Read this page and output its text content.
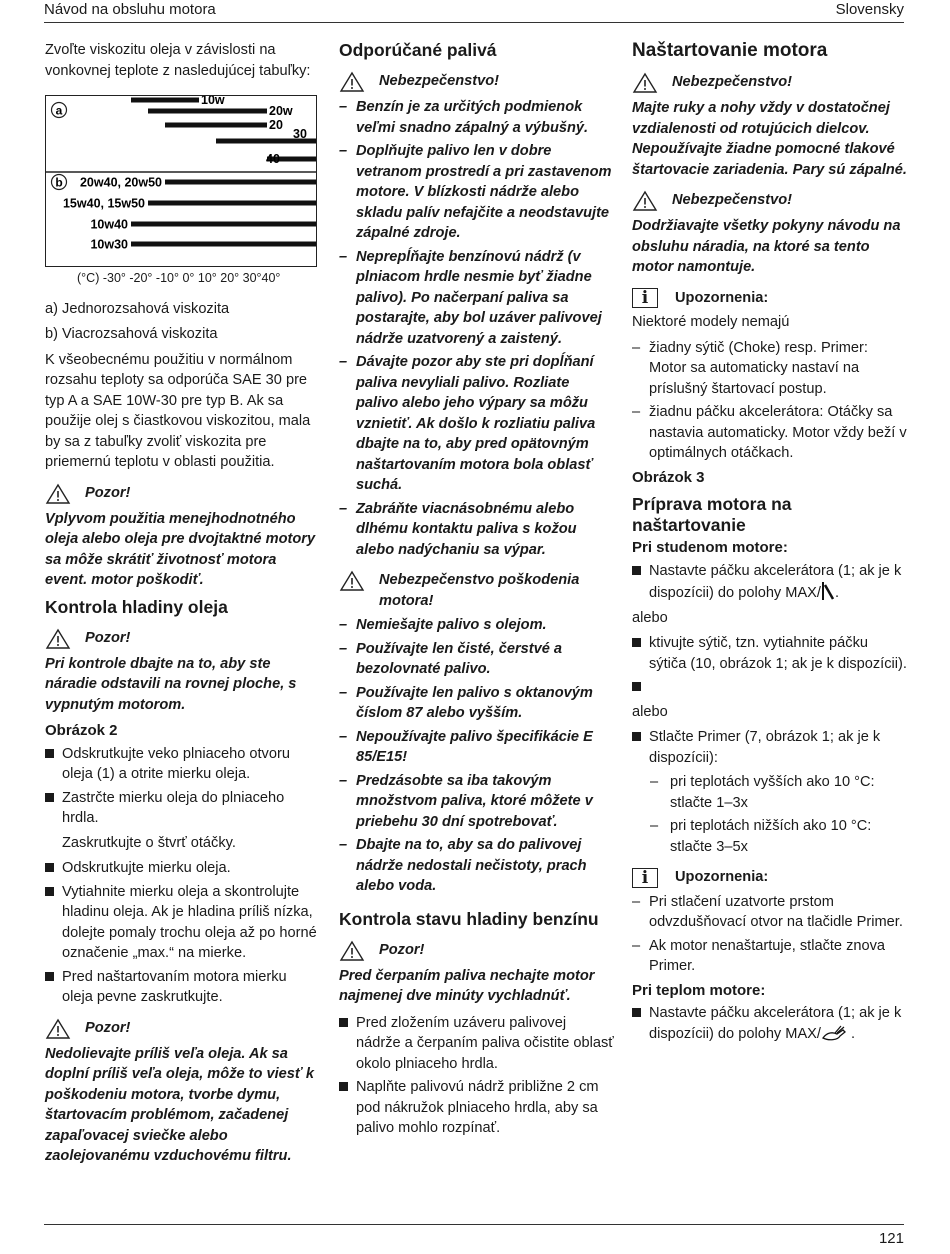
Návod na obsluhu motora	Slovensky

Zvoľte viskozitu oleja v závislosti na vonkovnej teplote z nasledujúcej tabuľky:

a
10w
20w
20
30
40
b 20w40, 20w50
15w40, 15w50
10w40
10w30
(°C) -30° -20° -10° 0° 10° 20° 30°40°

a) Jednorozsahová viskozita

b) Viacrozsahová viskozita

K všeobecnému použitiu v normálnom rozsahu teploty sa odporúča SAE 30 pre typ A a SAE 10W-30 pre typ B. Ak sa použije olej s čiastkovou viskozitou, mala by sa z tabuľky zvoliť viskozita pre priemernú teplotu v oblasti použitia.

Pozor!

Vplyvom použitia menejhodnotného oleja alebo oleja pre dvojtaktné motory sa môže skrátiť životnosť motora event. motor poškodiť.

Kontrola hladiny oleja
Pozor!

Pri kontrole dbajte na to, aby ste náradie odstavili na rovnej ploche, s vypnutým motorom.

Obrázok 2
Odskrutkujte veko plniaceho otvoru oleja (1) a otrite mierku oleja.
Zastrčte mierku oleja do plniaceho hrdla.

Zaskrutkujte o štvrť otáčky.

Odskrutkujte mierku oleja.
Vytiahnite mierku oleja a skontrolujte hladinu oleja. Ak je hladina príliš nízka, dolejte pomaly trochu oleja až po horné označenie „max.“ na mierke.
Pred naštartovaním motora mierku oleja pevne zaskrutkujte.
Pozor!

Nedolievajte príliš veľa oleja. Ak sa doplní príliš veľa oleja, môže to viesť k poškodeniu motora, tvorbe dymu, štartovacím problémom, začadenej zapaľovacej sviečke alebo zaolejovanému vzduchovému filtru.

Odporúčané palivá
Nebezpečenstvo!
– Benzín je za určitých podmienok veľmi snadno zápalný a výbušný.
– Doplňujte palivo len v dobre vetranom prostredí a pri zastavenom motore. V blízkosti nádrže alebo skladu palív nefajčite a neodstavujte zápalné zdroje.
– Neprepĺňajte benzínovú nádrž (v plniacom hrdle nesmie byť žiadne palivo). Po načerpaní paliva sa postarajte, aby bol uzáver palivovej nádrže uzatvorený a zaistený.
– Dávajte pozor aby ste pri dopĺňaní paliva nevyliali palivo. Rozliate palivo alebo jeho výpary sa môžu vznietiť. Ak došlo k rozliatiu paliva dbajte na to, aby pred opätovným naštartovaním motora bola oblasť suchá.
– Zabráňte viacnásobnému alebo dlhému kontaktu paliva s kožou alebo nadýchaniu sa výpar.
Nebezpečenstvo poškodenia motora!
– Nemiešajte palivo s olejom.
– Používajte len čisté, čerstvé a bezolovnaté palivo.
– Používajte len palivo s oktanovým číslom 87 alebo vyšším.
– Nepoužívajte palivo špecifikácie E 85/E15!
– Predzásobte sa iba takovým množstvom paliva, ktoré môžete v priebehu 30 dní spotrebovať.
– Dbajte na to, aby sa do palivovej nádrže nedostali nečistoty, prach alebo voda.
Kontrola stavu hladiny benzínu
Pozor!

Pred čerpaním paliva nechajte motor najmenej dve minúty vychladnúť.

Pred zložením uzáveru palivovej nádrže a čerpaním paliva očistite oblasť okolo plniaceho hrdla.
Naplňte palivovú nádrž približne 2 cm pod nákružok plniaceho hrdla, aby sa palivo mohlo rozpínať.
Naštartovanie motora
Nebezpečenstvo!

Majte ruky a nohy vždy v dostatočnej vzdialenosti od rotujúcich dielcov. Nepoužívajte žiadne pomocné tlakové štartovacie zariadenia. Pary sú zápalné.

Nebezpečenstvo!

Dodržiavajte všetky pokyny návodu na obsluhu náradia, na ktoré sa tento motor namontuje.

i	Upozornenia:

Niektoré modely nemajú

– žiadny sýtič (Choke) resp. Primer: Motor sa automaticky nastaví na príslušný štartovací postup.
– žiadnu páčku akcelerátora: Otáčky sa nastavia automaticky. Motor vždy beží v optimálnych otáčkach.
Obrázok 3
Príprava motora na naštartovanie
Pri studenom motore:
Nastavte páčku akcelerátora (1; ak je k dispozícii) do polohy MAX/ .

alebo

ktivujte sýtič, tzn. vytiahnite páčku sýtiča (10, obrázok 1; ak je k dispozícii).

alebo

Stlačte Primer (7, obrázok 1; ak je k dispozícii):
– pri teplotách vyšších ako 10 °C: stlačte 1–3x
– pri teplotách nižších ako 10 °C: stlačte 3–5x
i	Upozornenia:
– Pri stlačení uzatvorte prstom odvzdušňovací otvor na tlačidle Primer.
– Ak motor nenaštartuje, stlačte znova Primer.
Pri teplom motore:
Nastavte páčku akcelerátora (1; ak je k dispozícii) do polohy MAX/ .
121
